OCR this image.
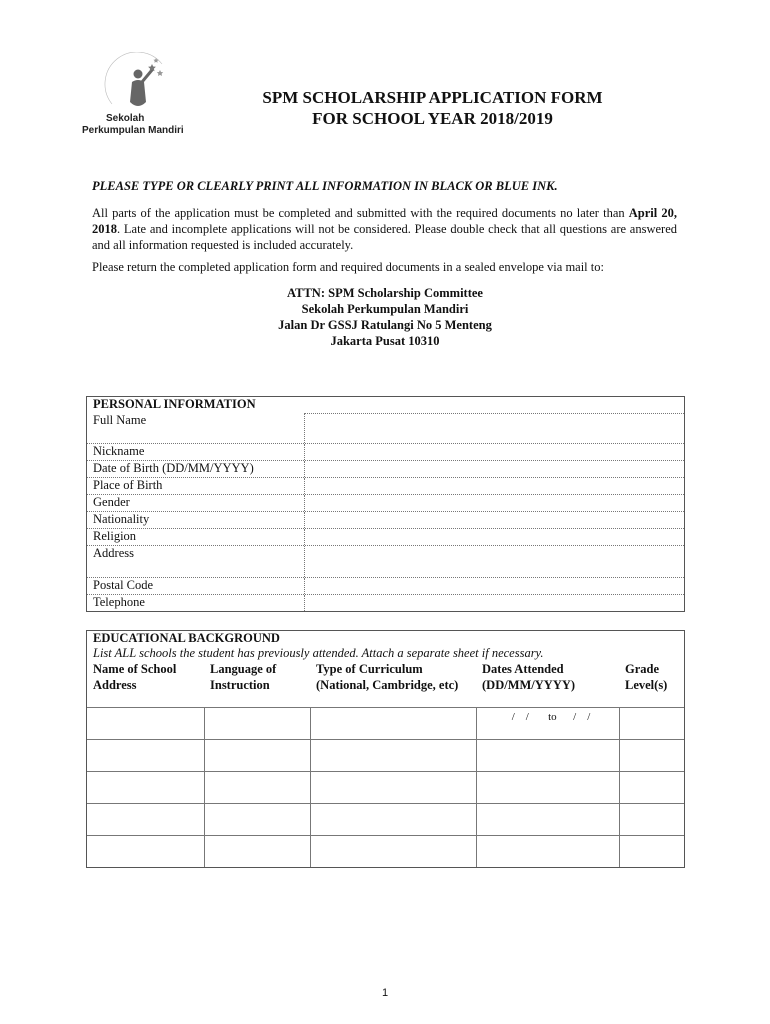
Sekolah
Perkumpulan Mandiri
SPM SCHOLARSHIP APPLICATION FORM
FOR SCHOOL YEAR 2018/2019
PLEASE TYPE OR CLEARLY PRINT ALL INFORMATION IN BLACK OR BLUE INK.
All parts of the application must be completed and submitted with the required documents no later than April 20, 2018. Late and incomplete applications will not be considered. Please double check that all questions are answered and all information requested is included accurately.
Please return the completed application form and required documents in a sealed envelope via mail to:
ATTN: SPM Scholarship Committee
Sekolah Perkumpulan Mandiri
Jalan Dr GSSJ Ratulangi No 5 Menteng
Jakarta Pusat 10310
PERSONAL INFORMATION
Full Name
Nickname
Date of Birth (DD/MM/YYYY)
Place of Birth
Gender
Nationality
Religion
Address
Postal Code
Telephone
EDUCATIONAL BACKGROUND
List ALL schools the student has previously attended. Attach a separate sheet if necessary.
Name of School Address
Language of Instruction
Type of Curriculum (National, Cambridge, etc)
Dates Attended (DD/MM/YYYY)
Grade Level(s)
/    /       to      /    /
1
